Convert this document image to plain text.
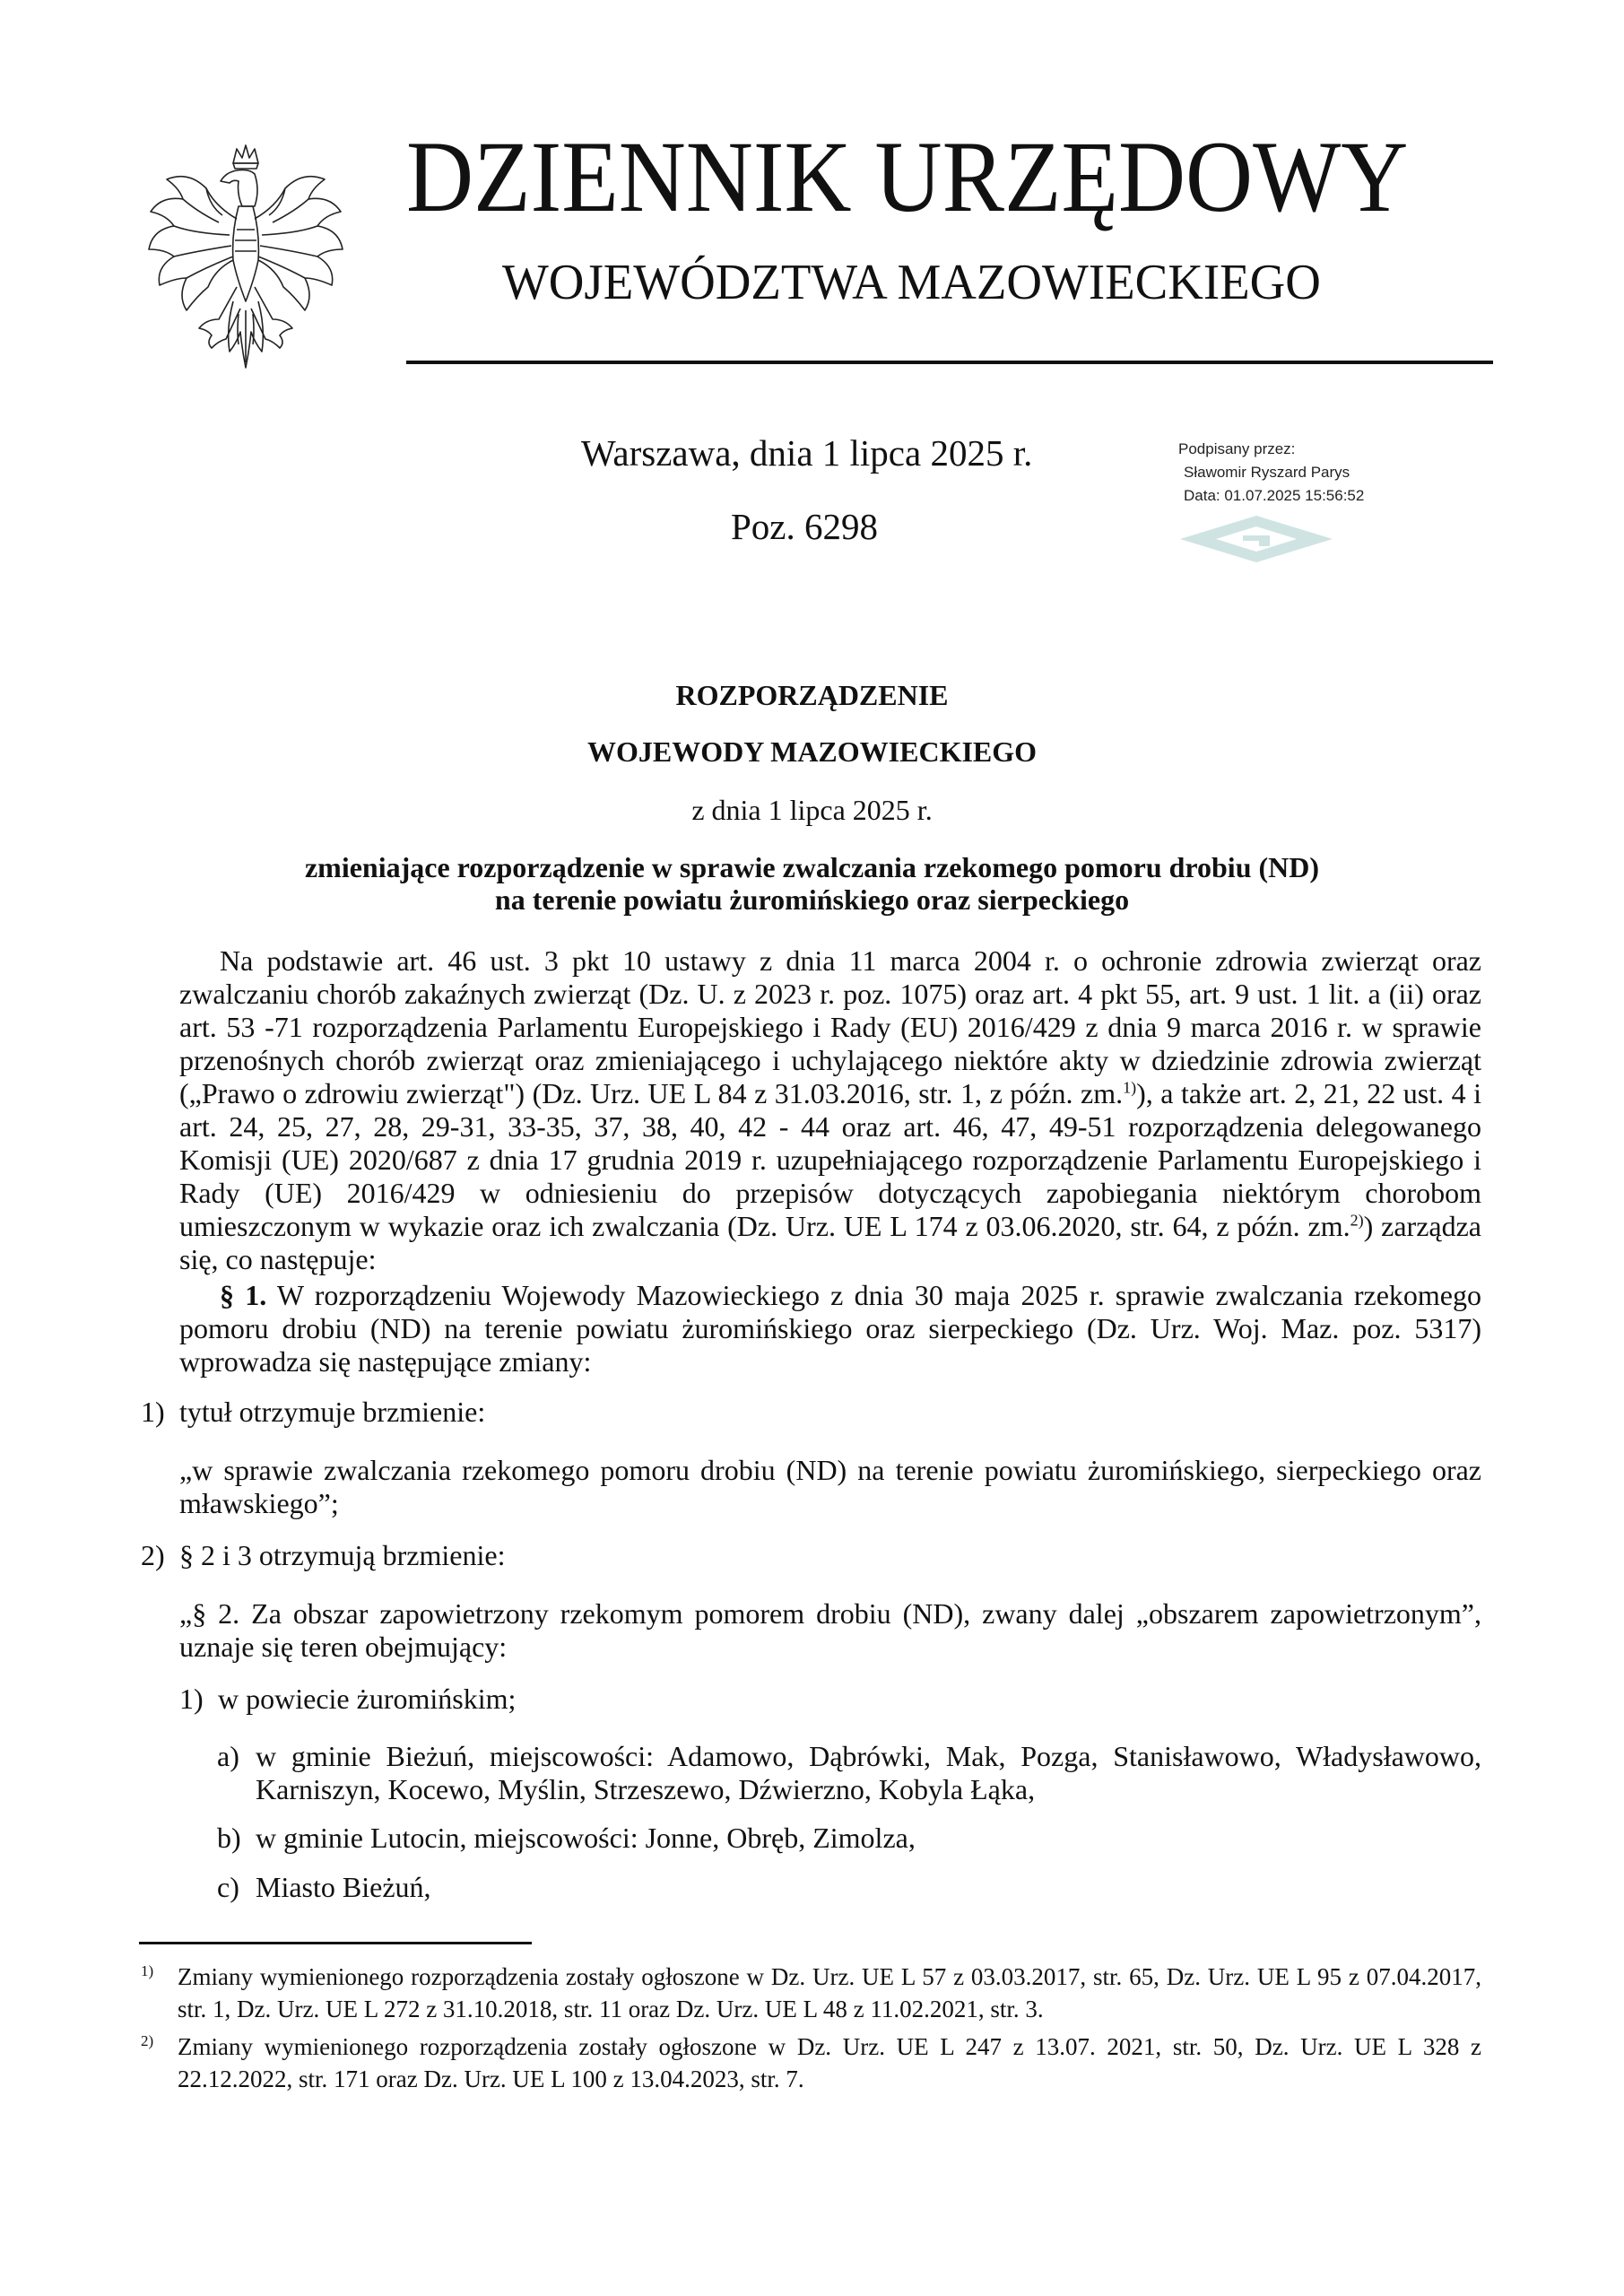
DZIENNIK URZĘDOWY
WOJEWÓDZTWA MAZOWIECKIEGO
Warszawa, dnia 1 lipca 2025 r.
Poz. 6298
Podpisany przez:
Sławomir Ryszard Parys
Data: 01.07.2025 15:56:52
ROZPORZĄDZENIE
WOJEWODY MAZOWIECKIEGO
z dnia 1 lipca 2025 r.
zmieniające rozporządzenie w sprawie zwalczania rzekomego pomoru drobiu (ND)
na terenie powiatu żuromińskiego oraz sierpeckiego
Na podstawie art. 46 ust. 3 pkt 10 ustawy z dnia 11 marca 2004 r. o ochronie zdrowia zwierząt oraz zwalczaniu chorób zakaźnych zwierząt (Dz. U. z 2023 r. poz. 1075) oraz art. 4 pkt 55, art. 9 ust. 1 lit. a (ii) oraz art. 53 -71 rozporządzenia Parlamentu Europejskiego i Rady (EU) 2016/429 z dnia 9 marca 2016 r. w sprawie przenośnych chorób zwierząt oraz zmieniającego i uchylającego niektóre akty w dziedzinie zdrowia zwierząt („Prawo o zdrowiu zwierząt") (Dz. Urz. UE L 84 z 31.03.2016, str. 1, z późn. zm.$^{1)}$), a także art. 2, 21, 22 ust. 4 i art. 24, 25, 27, 28, 29-31, 33-35, 37, 38, 40, 42 - 44 oraz art. 46, 47, 49-51 rozporządzenia delegowanego Komisji (UE) 2020/687 z dnia 17 grudnia 2019 r. uzupełniającego rozporządzenie Parlamentu Europejskiego i Rady (UE) 2016/429 w odniesieniu do przepisów dotyczących zapobiegania niektórym chorobom umieszczonym w wykazie oraz ich zwalczania (Dz. Urz. UE L 174 z 03.06.2020, str. 64, z późn. zm.$^{2)}$) zarządza się, co następuje:
§ 1. W rozporządzeniu Wojewody Mazowieckiego z dnia 30 maja 2025 r. sprawie zwalczania rzekomego pomoru drobiu (ND) na terenie powiatu żuromińskiego oraz sierpeckiego (Dz. Urz. Woj. Maz. poz. 5317) wprowadza się następujące zmiany:
1) tytuł otrzymuje brzmienie:
„w sprawie zwalczania rzekomego pomoru drobiu (ND) na terenie powiatu żuromińskiego, sierpeckiego oraz mławskiego”;
2) § 2 i 3 otrzymują brzmienie:
„§ 2. Za obszar zapowietrzony rzekomym pomorem drobiu (ND), zwany dalej „obszarem zapowietrzonym”, uznaje się teren obejmujący:
1) w powiecie żuromińskim;
a) w gminie Bieżuń, miejscowości: Adamowo, Dąbrówki, Mak, Pozga, Stanisławowo, Władysławowo, Karniszyn, Kocewo, Myślin, Strzeszewo, Dźwierzno, Kobyla Łąka,
b) w gminie Lutocin, miejscowości: Jonne, Obręb, Zimolza,
c) Miasto Bieżuń,
1) Zmiany wymienionego rozporządzenia zostały ogłoszone w Dz. Urz. UE L 57 z 03.03.2017, str. 65, Dz. Urz. UE L 95 z 07.04.2017, str. 1, Dz. Urz. UE L 272 z 31.10.2018, str. 11 oraz Dz. Urz. UE L 48 z 11.02.2021, str. 3.
2) Zmiany wymienionego rozporządzenia zostały ogłoszone w Dz. Urz. UE L 247 z 13.07. 2021, str. 50, Dz. Urz. UE L 328 z 22.12.2022, str. 171 oraz Dz. Urz. UE L 100 z 13.04.2023, str. 7.
